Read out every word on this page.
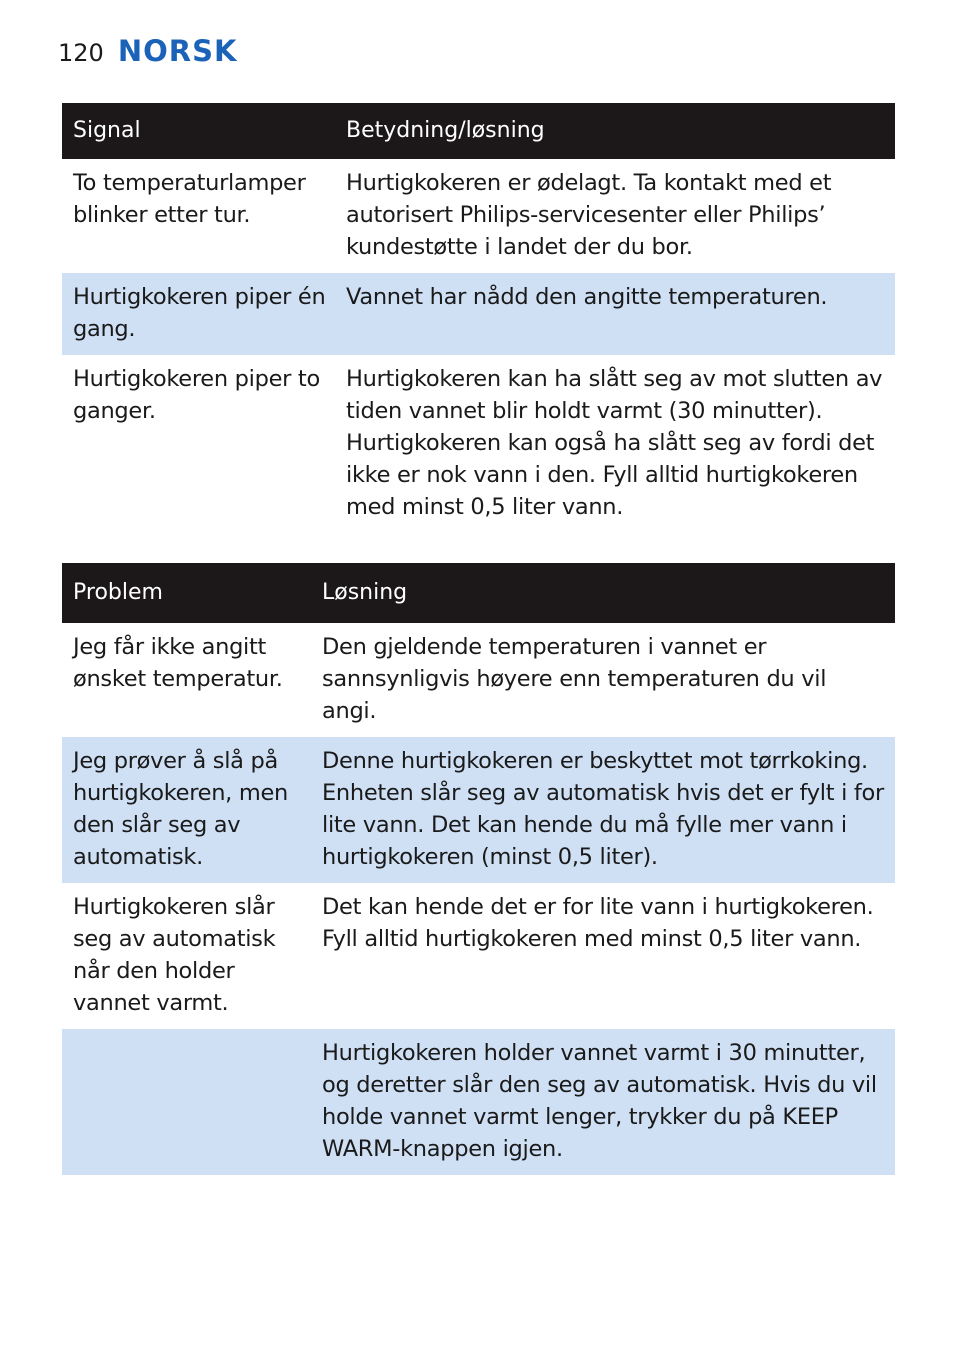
120 NORSK
Signal	Betydning/løsning
To temperaturlamper blinker etter tur.	Hurtigkokeren er ødelagt. Ta kontakt med et autorisert Philips-servicesenter eller Philips’ kundestøtte i landet der du bor.
Hurtigkokeren piper én gang.	Vannet har nådd den angitte temperaturen.
Hurtigkokeren piper to ganger.	Hurtigkokeren kan ha slått seg av mot slutten av tiden vannet blir holdt varmt (30 minutter). Hurtigkokeren kan også ha slått seg av fordi det ikke er nok vann i den. Fyll alltid hurtigkokeren med minst 0,5 liter vann.
Problem	Løsning
Jeg får ikke angitt ønsket temperatur.	Den gjeldende temperaturen i vannet er sannsynligvis høyere enn temperaturen du vil angi.
Jeg prøver å slå på hurtigkokeren, men den slår seg av automatisk.	Denne hurtigkokeren er beskyttet mot tørrkoking. Enheten slår seg av automatisk hvis det er fylt i for lite vann. Det kan hende du må fylle mer vann i hurtigkokeren (minst 0,5 liter).
Hurtigkokeren slår seg av automatisk når den holder vannet varmt.	Det kan hende det er for lite vann i hurtigkokeren. Fyll alltid hurtigkokeren med minst 0,5 liter vann.
	Hurtigkokeren holder vannet varmt i 30 minutter, og deretter slår den seg av automatisk. Hvis du vil holde vannet varmt lenger, trykker du på KEEP WARM-knappen igjen.
